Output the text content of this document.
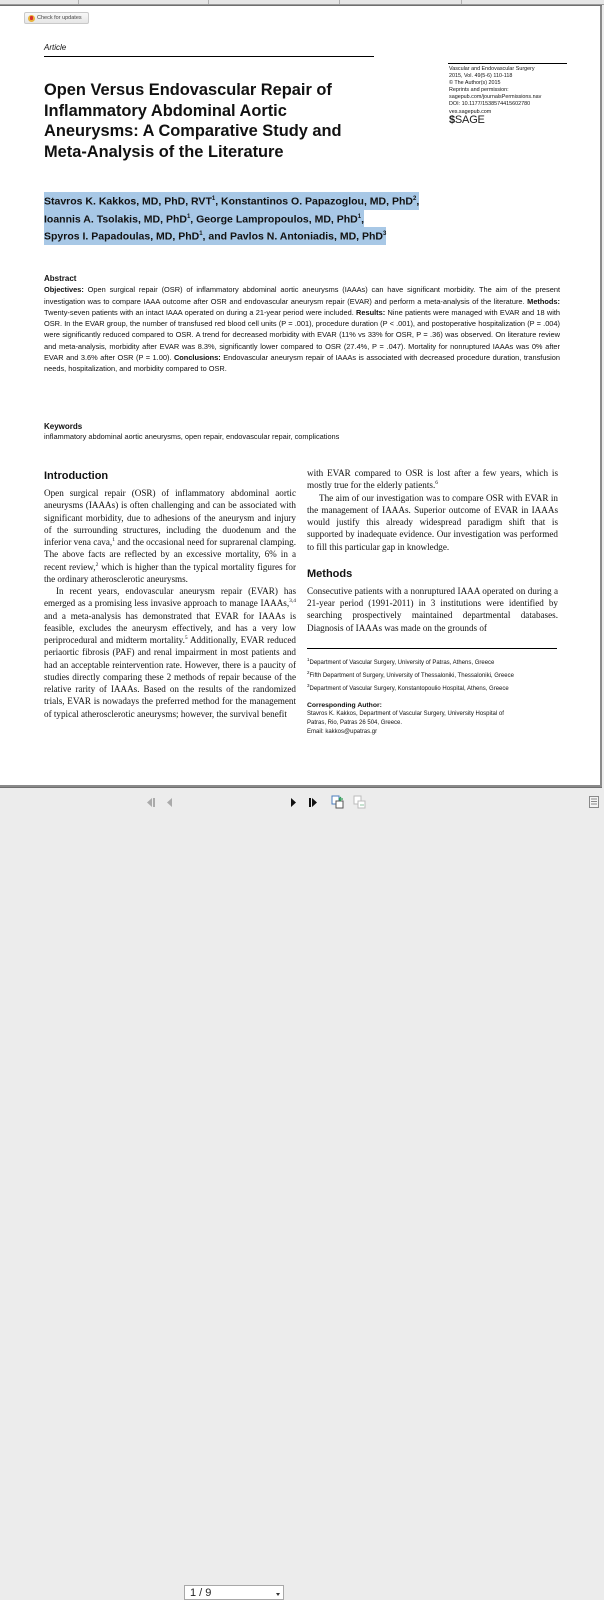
Check for updates
Article
Open Versus Endovascular Repair of Inflammatory Abdominal Aortic Aneurysms: A Comparative Study and Meta-Analysis of the Literature
Vascular and Endovascular Surgery
2015, Vol. 49(5-6) 110-118
© The Author(s) 2015
Reprints and permission:
sagepub.com/journalsPermissions.nav
DOI: 10.1177/1538574415602780
ves.sagepub.com
$SAGE
Stavros K. Kakkos, MD, PhD, RVT$^1$, Konstantinos O. Papazoglou, MD, PhD$^2$,
Ioannis A. Tsolakis, MD, PhD$^1$, George Lampropoulos, MD, PhD$^1$,
Spyros I. Papadoulas, MD, PhD$^1$, and Pavlos N. Antoniadis, MD, PhD$^3$
Abstract
Objectives: Open surgical repair (OSR) of inflammatory abdominal aortic aneurysms (IAAAs) can have significant morbidity. The aim of the present investigation was to compare IAAA outcome after OSR and endovascular aneurysm repair (EVAR) and perform a meta-analysis of the literature. Methods: Twenty-seven patients with an intact IAAA operated on during a 21-year period were included. Results: Nine patients were managed with EVAR and 18 with OSR. In the EVAR group, the number of transfused red blood cell units (P = .001), procedure duration (P < .001), and postoperative hospitalization (P = .004) were significantly reduced compared to OSR. A trend for decreased morbidity with EVAR (11% vs 33% for OSR, P = .36) was observed. On literature review and meta-analysis, morbidity after EVAR was 8.3%, significantly lower compared to OSR (27.4%, P = .047). Mortality for nonruptured IAAAs was 0% after EVAR and 3.6% after OSR (P = 1.00). Conclusions: Endovascular aneurysm repair of IAAAs is associated with decreased procedure duration, transfusion needs, hospitalization, and morbidity compared to OSR.
Keywords
inflammatory abdominal aortic aneurysms, open repair, endovascular repair, complications
Introduction

Open surgical repair (OSR) of inflammatory abdominal aortic aneurysms (IAAAs) is often challenging and can be associated with significant morbidity, due to adhesions of the aneurysm and injury of the surrounding structures, including the duodenum and the inferior vena cava,$^1$ and the occasional need for suprarenal clamping. The above facts are reflected by an excessive mortality, 6% in a recent review,$^2$ which is higher than the typical mortality figures for the ordinary atherosclerotic aneurysms.

In recent years, endovascular aneurysm repair (EVAR) has emerged as a promising less invasive approach to manage IAAAs,$^{3,4}$ and a meta-analysis has demonstrated that EVAR for IAAAs is feasible, excludes the aneurysm effectively, and has a very low periprocedural and midterm mortality.$^5$ Additionally, EVAR reduced periaortic fibrosis (PAF) and renal impairment in most patients and had an acceptable reintervention rate. However, there is a paucity of studies directly comparing these 2 methods of repair because of the relative rarity of IAAAs. Based on the results of the randomized trials, EVAR is nowadays the preferred method for the management of typical atherosclerotic aneurysms; however, the survival benefit

with EVAR compared to OSR is lost after a few years, which is mostly true for the elderly patients.$^6$

The aim of our investigation was to compare OSR with EVAR in the management of IAAAs. Superior outcome of EVAR in IAAAs would justify this already widespread paradigm shift that is supported by inadequate evidence. Our investigation was performed to fill this particular gap in knowledge.

Methods

Consecutive patients with a nonruptured IAAA operated on during a 21-year period (1991-2011) in 3 institutions were identified by searching prospectively maintained departmental databases. Diagnosis of IAAAs was made on the grounds of

$^1$Department of Vascular Surgery, University of Patras, Athens, Greece
$^2$Fifth Department of Surgery, University of Thessaloniki, Thessaloniki, Greece
$^3$Department of Vascular Surgery, Konstantopoulio Hospital, Athens, Greece
Corresponding Author:
Stavros K. Kakkos, Department of Vascular Surgery, University Hospital of
Patras, Rio, Patras 26 504, Greece.
Email: kakkos@upatras.gr
1 / 9
